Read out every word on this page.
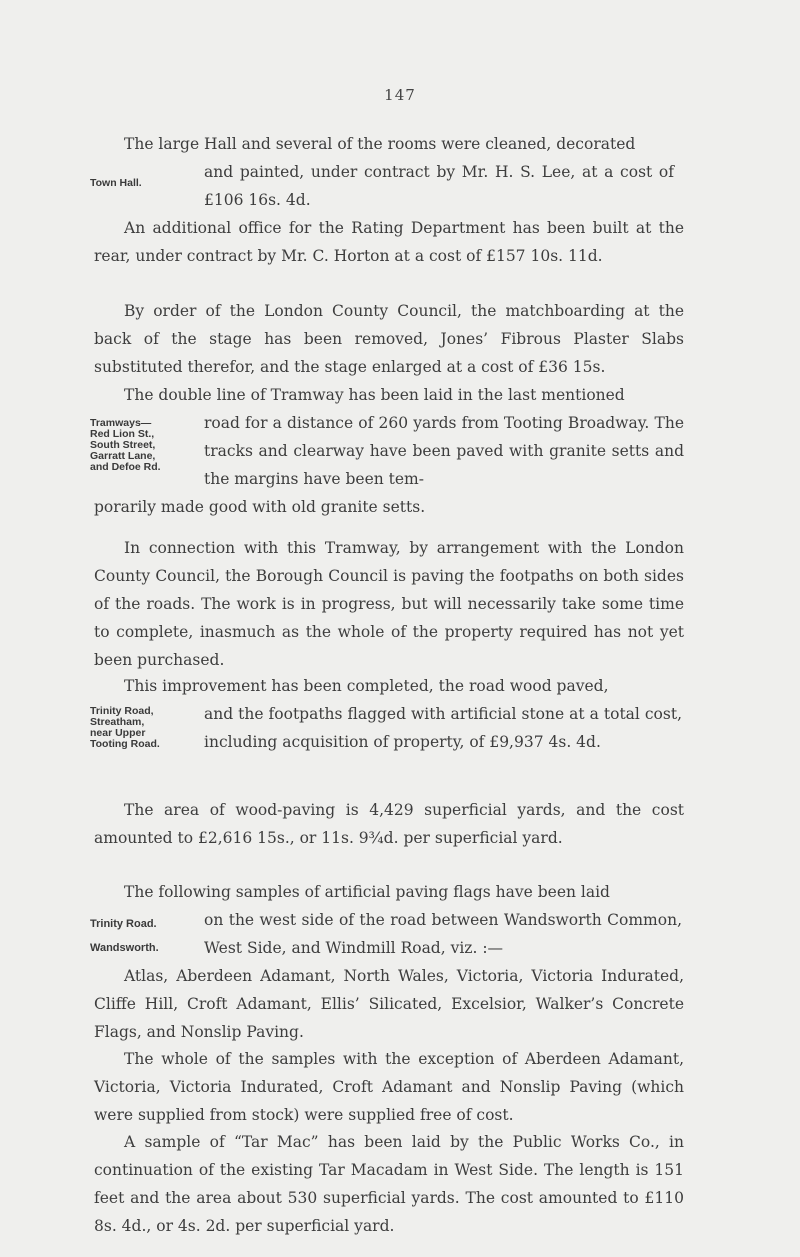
147

The large Hall and several of the rooms were cleaned, decorated

Town Hall.

and painted, under contract by Mr. H. S. Lee, at a cost of £106 16s. 4d.

An additional office for the Rating Department has been built at the rear, under contract by Mr. C. Horton at a cost of £157 10s. 11d.

By order of the London County Council, the matchboarding at the back of the stage has been removed, Jones’ Fibrous Plaster Slabs substituted therefor, and the stage enlarged at a cost of £36 15s.

The double line of Tramway has been laid in the last mentioned

Tramways—
Red Lion St.,
South Street,
Garratt Lane,
and Defoe Rd.

road for a distance of 260 yards from Tooting Broadway. The tracks and clearway have been paved with granite setts and the margins have been tem-

porarily made good with old granite setts.

In connection with this Tramway, by arrangement with the London County Council, the Borough Council is paving the footpaths on both sides of the roads. The work is in progress, but will necessarily take some time to complete, inasmuch as the whole of the property required has not yet been purchased.

This improvement has been completed, the road wood paved,

Trinity Road,
Streatham,
near Upper
Tooting Road.

and the footpaths flagged with artificial stone at a total cost, including acquisition of property, of £9,937 4s. 4d.

The area of wood-paving is 4,429 superficial yards, and the cost amounted to £2,616 15s., or 11s. 9¾d. per superficial yard.

The following samples of artificial paving flags have been laid

Trinity Road.
Wandsworth.

on the west side of the road between Wandsworth Common, West Side, and Windmill Road, viz. :—

Atlas, Aberdeen Adamant, North Wales, Victoria, Victoria Indurated, Cliffe Hill, Croft Adamant, Ellis’ Silicated, Excelsior, Walker’s Concrete Flags, and Nonslip Paving.

The whole of the samples with the exception of Aberdeen Adamant, Victoria, Victoria Indurated, Croft Adamant and Nonslip Paving (which were supplied from stock) were supplied free of cost.

A sample of “Tar Mac” has been laid by the Public Works Co., in continuation of the existing Tar Macadam in West Side. The length is 151 feet and the area about 530 superficial yards. The cost amounted to £110 8s. 4d., or 4s. 2d. per superficial yard.
